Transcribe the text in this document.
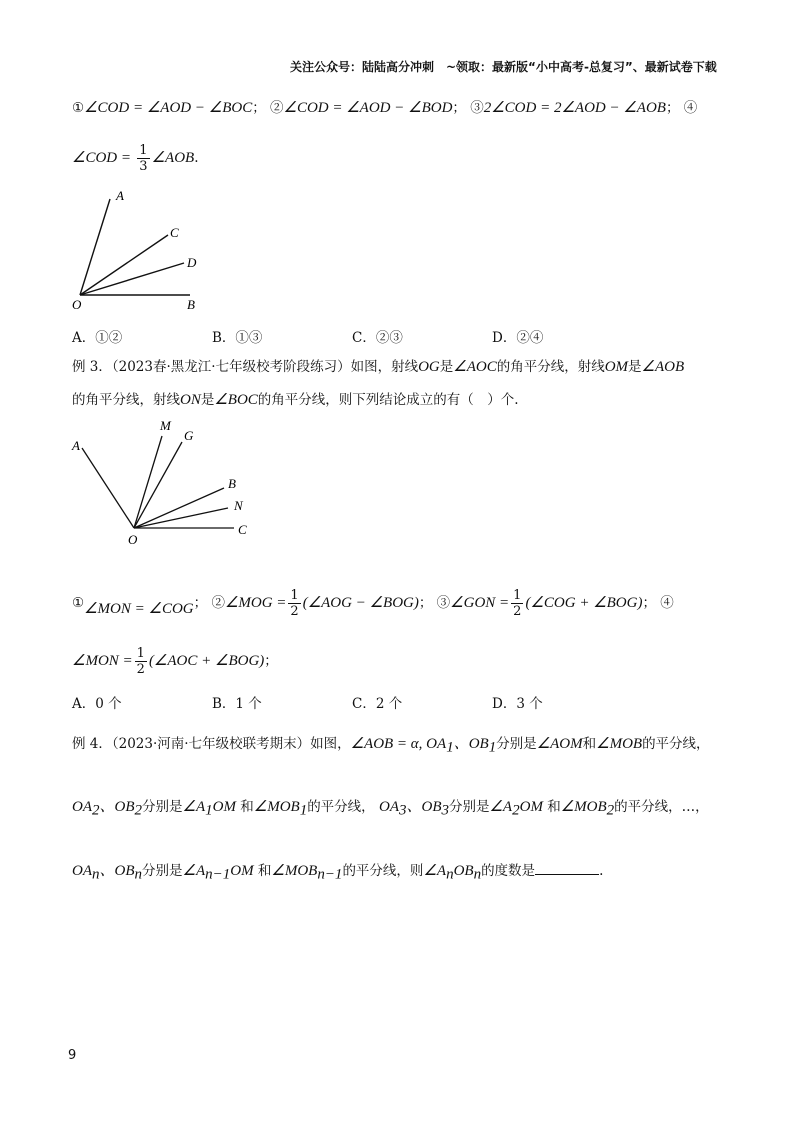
关注公众号：陆陆高分冲刺　~领取：最新版“小中高考-总复习”、最新试卷下载
①∠COD = ∠AOD − ∠BOC； ②∠COD = ∠AOD − ∠BOD； ③2∠COD = 2∠AOD − ∠AOB； ④
∠COD = $\frac{1}{3}$ ∠AOB.
A
C
D
O	B
A．①②	B．①③	C．②③	D．②④
例 3．（2023春·黑龙江·七年级校考阶段练习）如图，射线OG是∠AOC的角平分线，射线OM是∠AOB
的角平分线，射线ON是∠BOC的角平分线，则下列结论成立的有（　）个.
A
M
G
B
N
C
O
①∠MON = ∠COG； ②∠MOG = $\frac{1}{2}$ (∠AOG − ∠BOG)； ③∠GON = $\frac{1}{2}$ (∠COG + ∠BOG)； ④
∠MON = $\frac{1}{2}$ (∠AOC + ∠BOG)；
A．0 个	B．1 个	C．2 个	D．3 个
例 4．（2023·河南·七年级校联考期末）如图，∠AOB = α, $OA_1$、$OB_1$分别是∠AOM和∠MOB的平分线，
$OA_2$、$OB_2$分别是$\angle A_1OM$ 和$\angle MOB_1$的平分线， $OA_3$、$OB_3$分别是$\angle A_2OM$ 和$\angle MOB_2$的平分线，…，
$OA_n$、$OB_n$分别是$\angle A_{n-1}OM$ 和$\angle MOB_{n-1}$的平分线，则$\angle A_nOB_n$的度数是	.
9
